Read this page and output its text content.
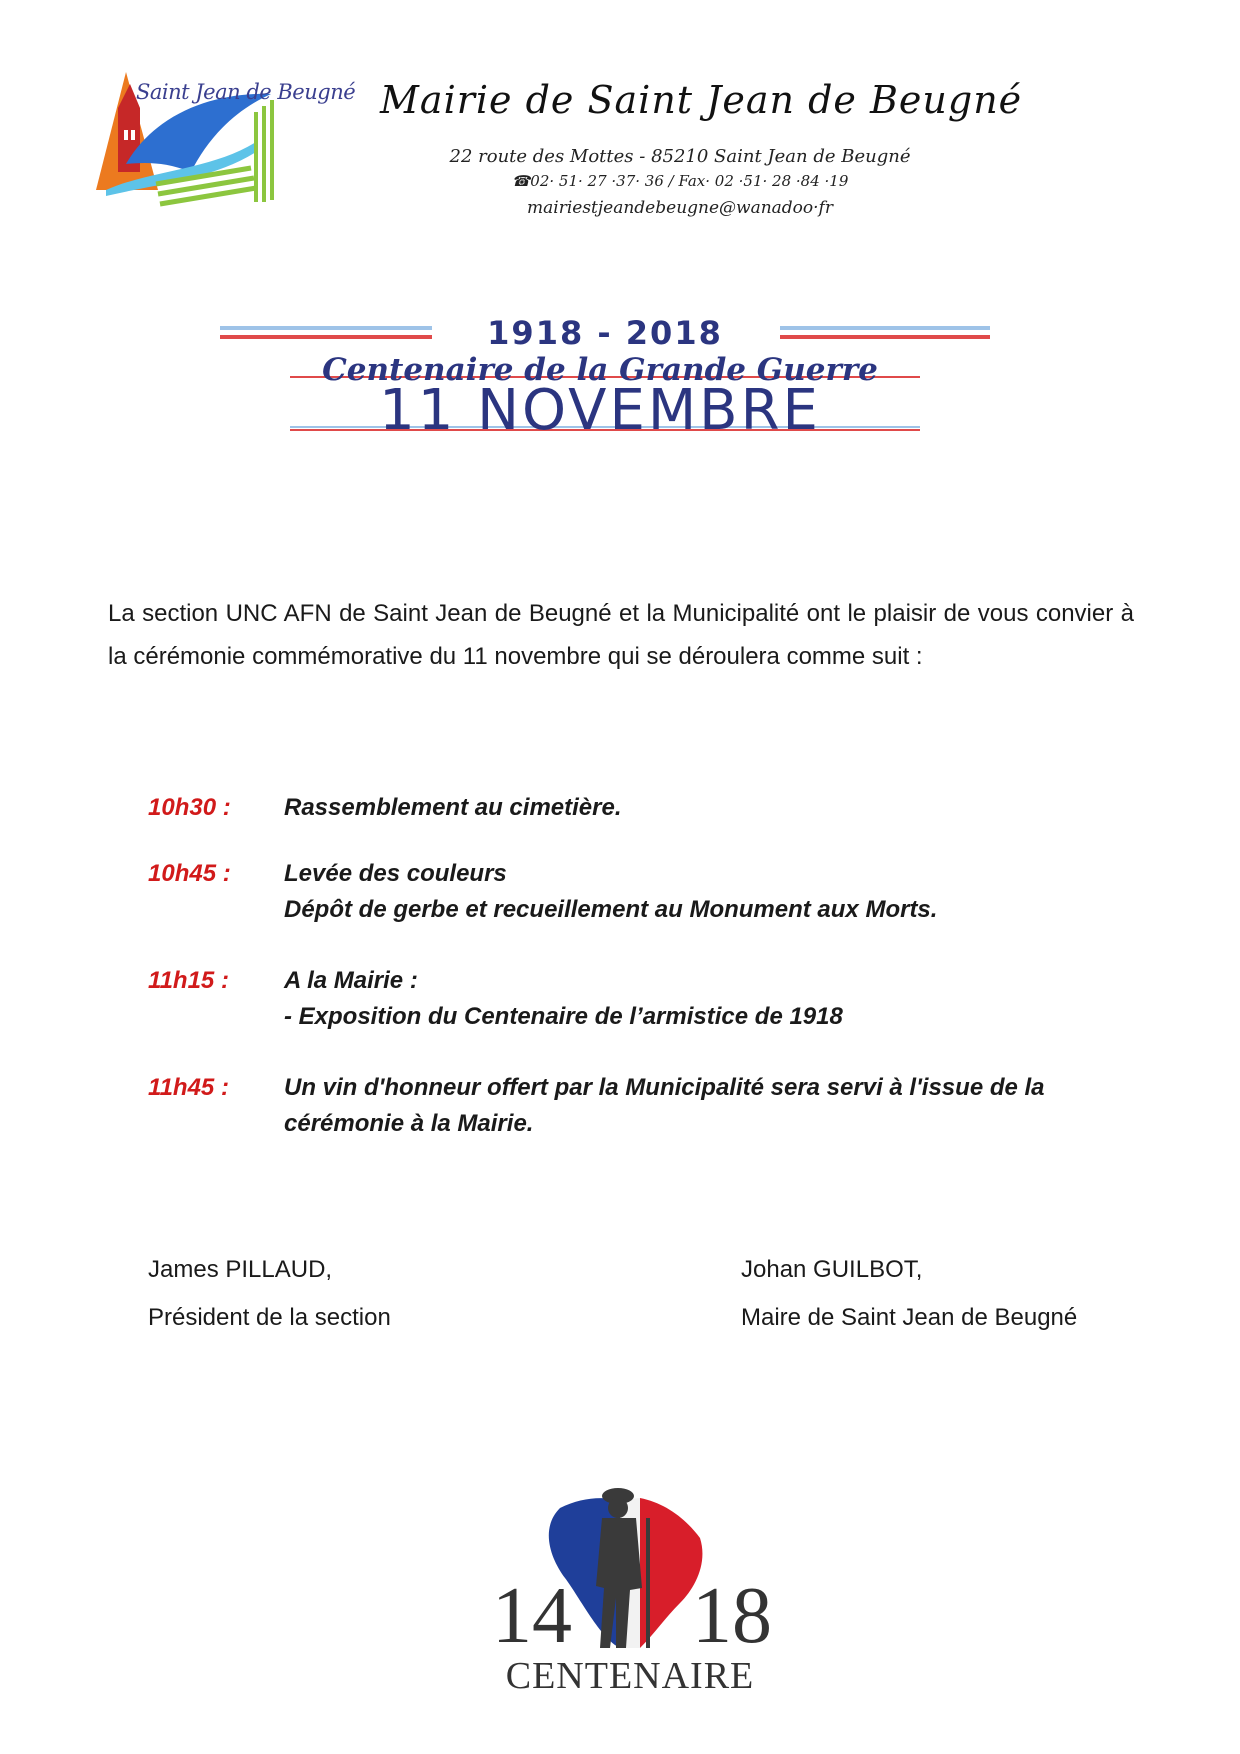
Saint Jean de Beugné Mairie de Saint Jean de Beugné
22 route des Mottes - 85210 Saint Jean de Beugné
☎02· 51· 27 ·37· 36 / Fax· 02 ·51· 28 ·84 ·19
mairiestjeandebeugne@wanadoo·fr
1918 - 2018
Centenaire de la Grande Guerre
11 NOVEMBRE

La section UNC AFN de Saint Jean de Beugné et la Municipalité ont le plaisir de vous convier à la cérémonie commémorative du 11 novembre qui se déroulera comme suit :

10h30 : Rassemblement au cimetière.
10h45 : Levée des couleurs
Dépôt de gerbe et recueillement au Monument aux Morts.
11h15 : A la Mairie :
- Exposition du Centenaire de l’armistice de 1918
11h45 : Un vin d'honneur offert par la Municipalité sera servi à l'issue de la cérémonie à la Mairie.
James PILLAUD,
Président de la section
Johan GUILBOT,
Maire de Saint Jean de Beugné
14 18
CENTENAIRE
